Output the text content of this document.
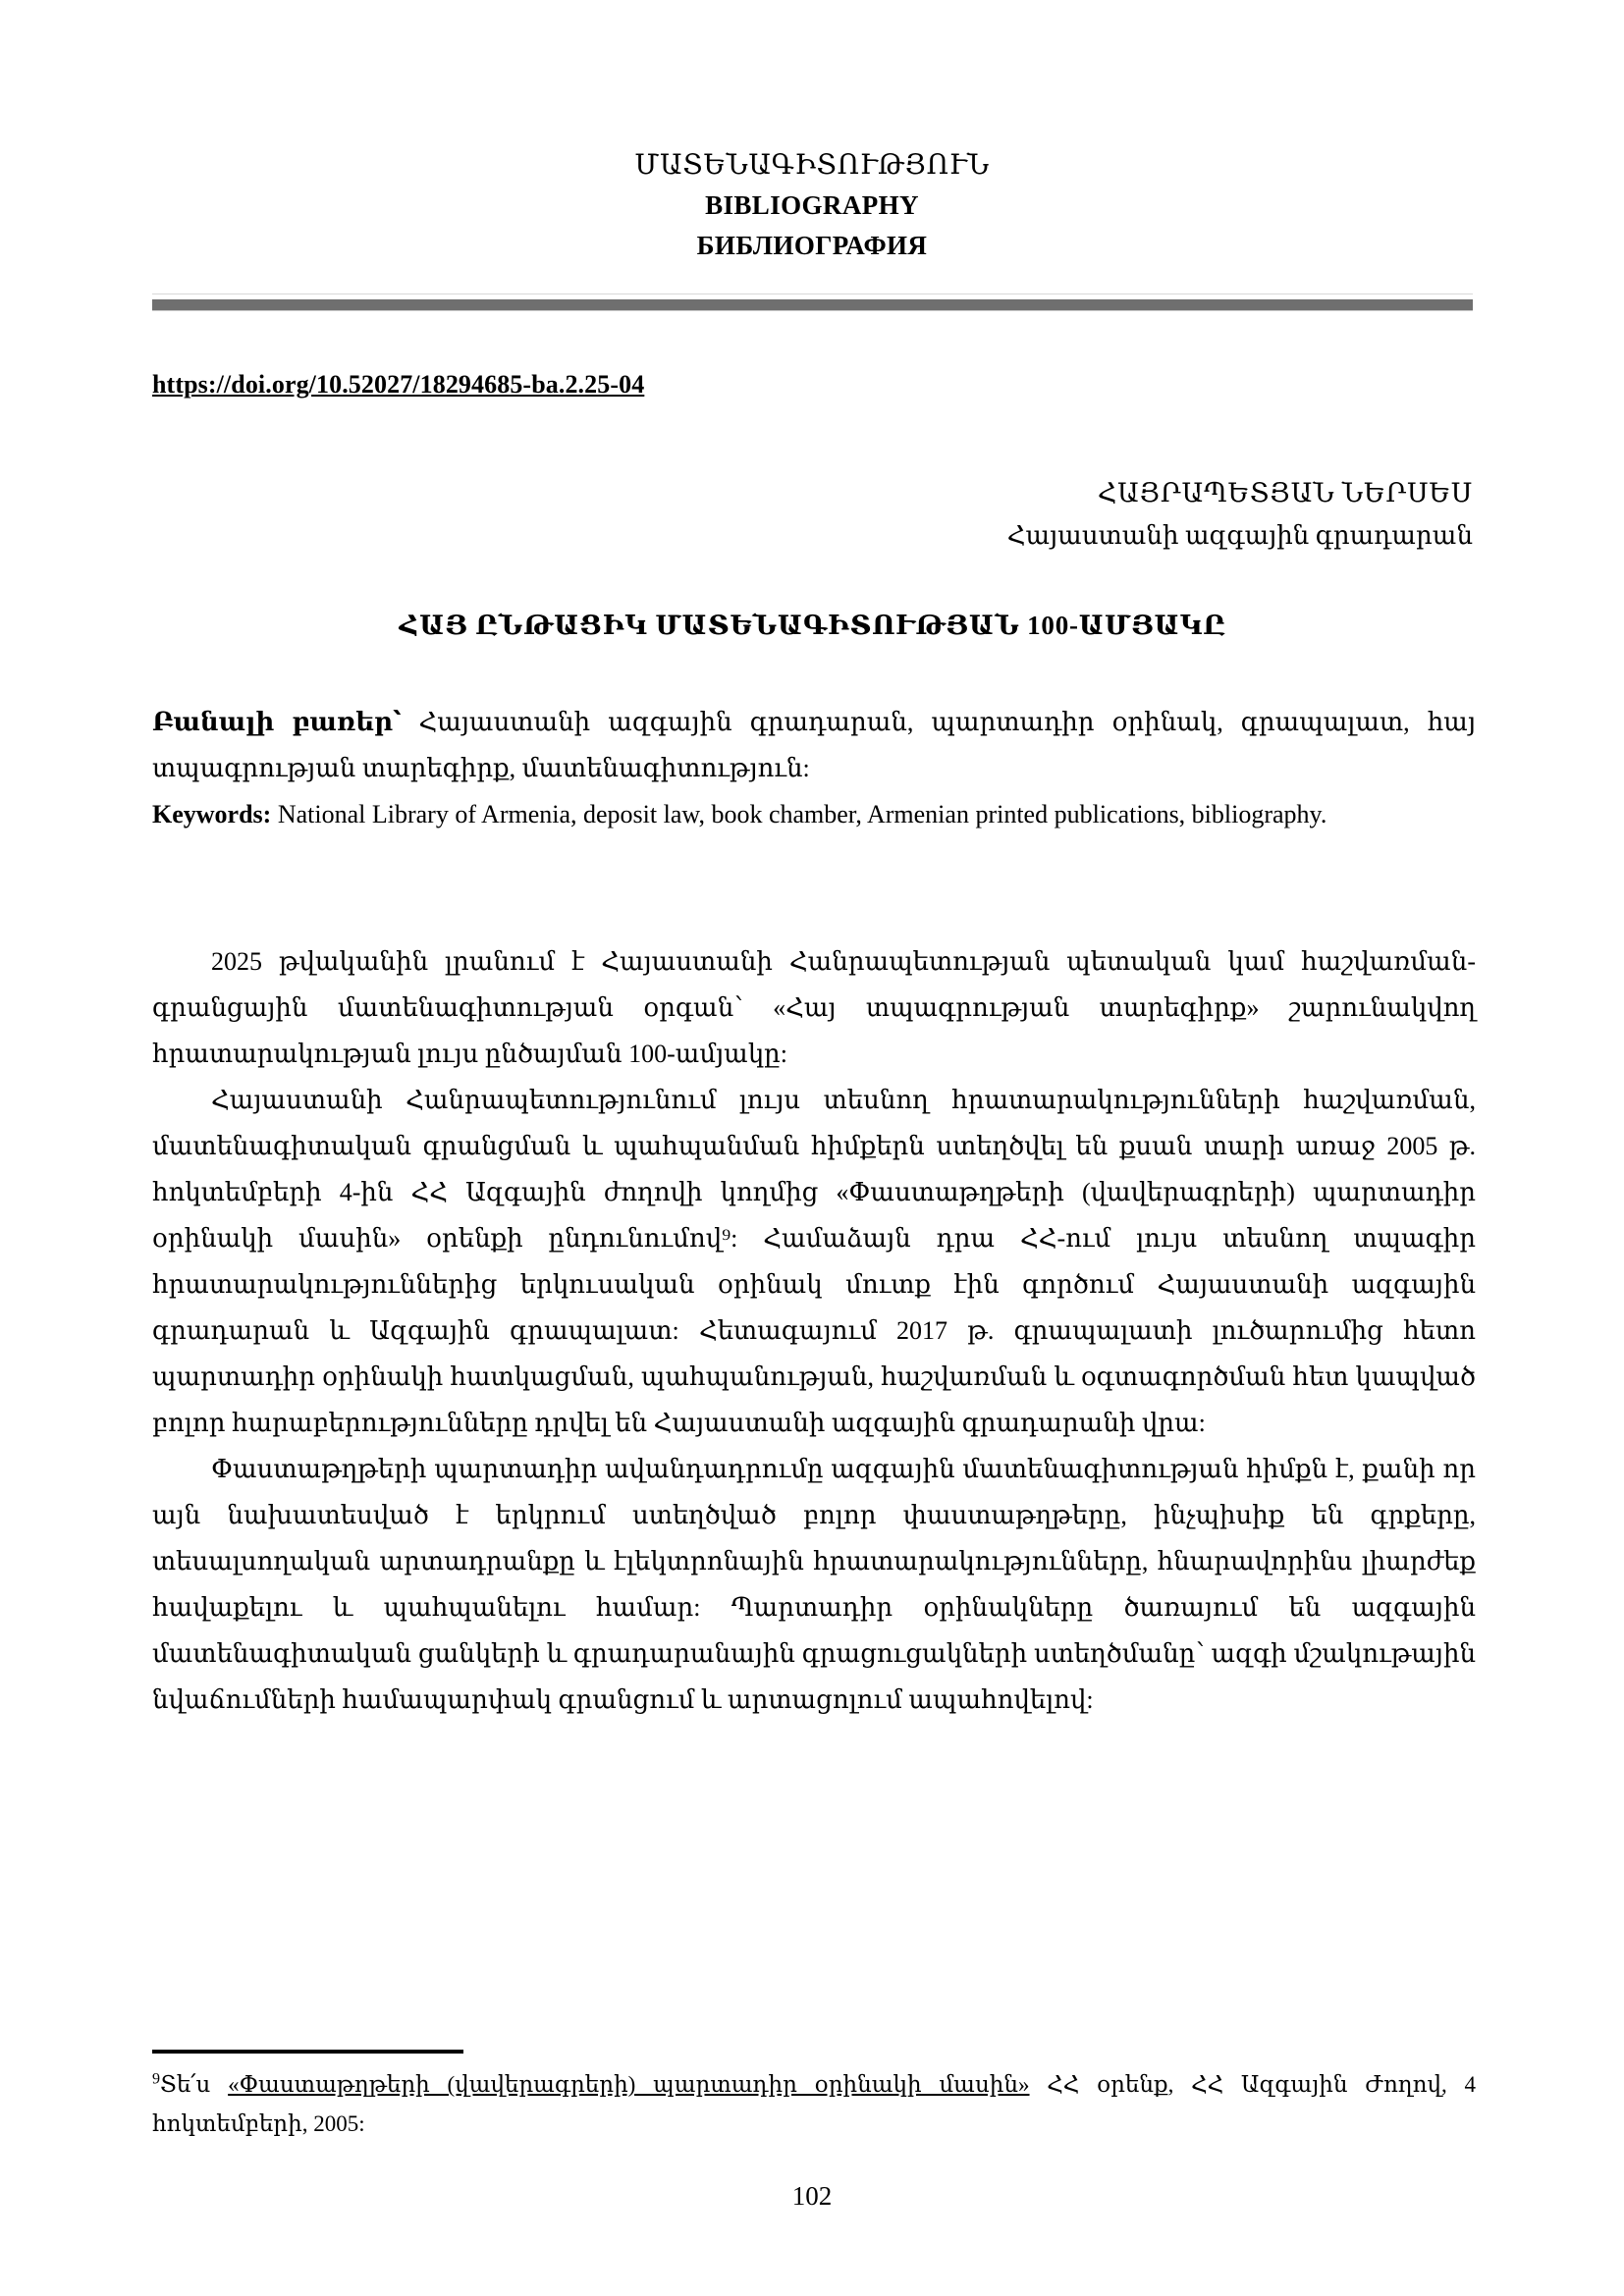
ՄԱՏԵՆԱԳԻՏՈՒԹՅՈՒՆ

BIBLIOGRAPHY

БИБЛИОГРАФИЯ

https://doi.org/10.52027/18294685-ba.2.25-04

ՀԱՅՐԱՊԵՏՅԱՆ ՆԵՐՍԵՍ

Հայաստանի ազգային գրադարան

ՀԱՅ ԸՆԹԱՑԻԿ ՄԱՏԵՆԱԳԻՏՈՒԹՅԱՆ 100-ԱՄՅԱԿԸ

Բանալի բառեր՝ Հայաստանի ազգային գրադարան, պարտադիր օրինակ, գրապալատ, հայ տպագրության տարեգիրք, մատենագիտություն:

Keywords: National Library of Armenia, deposit law, book chamber, Armenian printed publications, bibliography.

2025 թվականին լրանում է Հայաստանի Հանրապետության պետական կամ հաշվառման-գրանցային մատենագիտության օրգան՝ «Հայ տպագրության տարեգիրք» շարունակվող հրատարակության լույս ընծայման 100-ամյակը:

Հայաստանի Հանրապետությունում լույս տեսնող հրատարակությունների հաշվառման, մատենագիտական գրանցման և պահպանման հիմքերն ստեղծվել են քսան տարի առաջ 2005 թ. հոկտեմբերի 4-ին ՀՀ Ազգային ժողովի կողմից «Փաստաթղթերի (վավերագրերի) պարտադիր օրինակի մասին» օրենքի ընդունումով⁹: Համաձայն դրա ՀՀ-ում լույս տեսնող տպագիր հրատարակություններից երկուսական օրինակ մուտք էին գործում Հայաստանի ազգային գրադարան և Ազգային գրապալատ: Հետագայում 2017 թ. գրապալատի լուծարումից հետո պարտադիր օրինակի հատկացման, պահպանության, հաշվառման և օգտագործման հետ կապված բոլոր հարաբերությունները դրվել են Հայաստանի ազգային գրադարանի վրա:

Փաստաթղթերի պարտադիր ավանդադրումը ազգային մատենագիտության հիմքն է, քանի որ այն նախատեսված է երկրում ստեղծված բոլոր փաստաթղթերը, ինչպիսիք են գրքերը, տեսալսողական արտադրանքը և էլեկտրոնային հրատարակությունները, հնարավորինս լիարժեք հավաքելու և պահպանելու համար: Պարտադիր օրինակները ծառայում են ազգային մատենագիտական ցանկերի և գրադարանային գրացուցակների ստեղծմանը՝ ազգի մշակութային նվաճումների համապարփակ գրանցում և արտացոլում ապահովելով:

$^9$Տե՛ս «Փաստաթղթերի (վավերագրերի) պարտադիր օրինակի մասին» ՀՀ օրենք, ՀՀ Ազգային Ժողով, 4 հոկտեմբերի, 2005:

102
